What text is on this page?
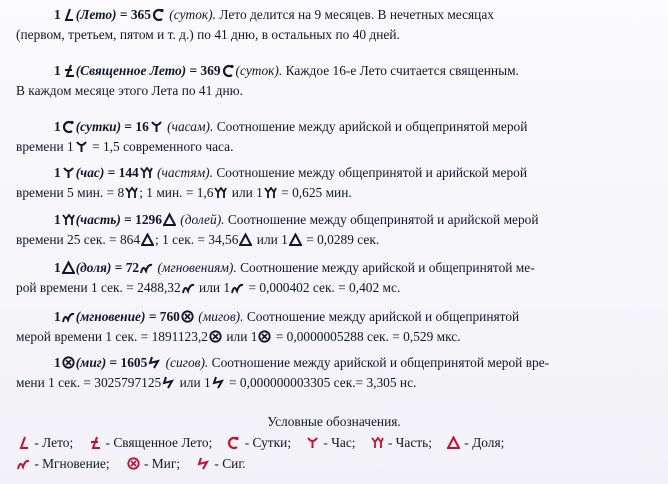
1 (Лето) = 365
(суток). Лето делится на 9 месяцев. В нечетных месяцах
(первом, третьем, пятом и т. д.) по 41 дню, в остальных по 40 дней.
1 (Священное Лето) = 369 (суток). Каждое 16-е Лето считается священным.
В каждом месяце этого Лета по 41 дню.
1 (сутки) = 16
(часам). Соотношение между арийской и общепринятой мерой
времени 1
= 1,5 современного часа.
1 (час) = 144
(частям). Соотношение между общепринятой и арийской мерой
времени 5 мин. = 8 ; 1 мин. = 1,6
или 1
= 0,625 мин.
1 (часть) = 1296
(долей). Соотношение между общепринятой и арийской мерой
времени 25 сек. = 864 ; 1 сек. = 34,56
или 1
= 0,0289 сек.
1 (доля) = 72
(мгновениям). Соотношение между арийской и общепринятой ме-
рой времени 1 сек. = 2488,32
или 1
= 0,000402 сек. = 0,402 мс.
1 (мгновение) = 760
(мигов). Соотношение между арийской и общепринятой
мерой времени 1 сек. = 1891123,2
или 1
= 0,0000005288 сек. = 0,529 мкс.
1 (миг) = 1605
(сигов). Соотношение между арийской и общепринятой мерой вре-
мени 1 сек. = 3025797125
или 1
= 0,000000003305 сек.= 3,305 нс.
Условные обозначения.
- Лето;
- Священное Лето;
- Сутки;
- Час;
- Часть;
- Доля;
- Мгновение;
- Миг;
- Сиг.
